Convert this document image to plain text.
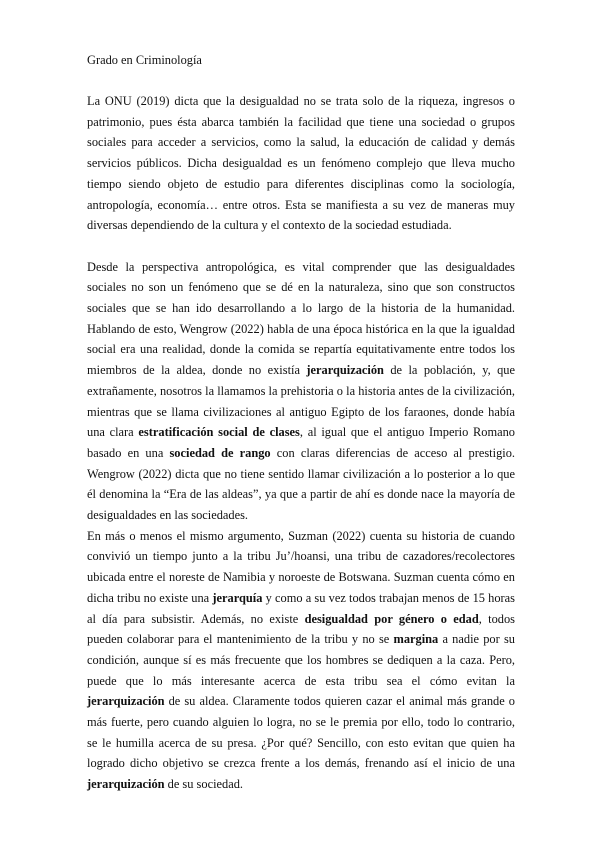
Grado en Criminología

La ONU (2019) dicta que la desigualdad no se trata solo de la riqueza, ingresos o patrimonio, pues ésta abarca también la facilidad que tiene una sociedad o grupos sociales para acceder a servicios, como la salud, la educación de calidad y demás servicios públicos. Dicha desigualdad es un fenómeno complejo que lleva mucho tiempo siendo objeto de estudio para diferentes disciplinas como la sociología, antropología, economía… entre otros. Esta se manifiesta a su vez de maneras muy diversas dependiendo de la cultura y el contexto de la sociedad estudiada.

Desde la perspectiva antropológica, es vital comprender que las desigualdades sociales no son un fenómeno que se dé en la naturaleza, sino que son constructos sociales que se han ido desarrollando a lo largo de la historia de la humanidad. Hablando de esto, Wengrow (2022) habla de una época histórica en la que la igualdad social era una realidad, donde la comida se repartía equitativamente entre todos los miembros de la aldea, donde no existía jerarquización de la población, y, que extrañamente, nosotros la llamamos la prehistoria o la historia antes de la civilización, mientras que se llama civilizaciones al antiguo Egipto de los faraones, donde había una clara estratificación social de clases, al igual que el antiguo Imperio Romano basado en una sociedad de rango con claras diferencias de acceso al prestigio. Wengrow (2022) dicta que no tiene sentido llamar civilización a lo posterior a lo que él denomina la “Era de las aldeas”, ya que a partir de ahí es donde nace la mayoría de desigualdades en las sociedades.

En más o menos el mismo argumento, Suzman (2022) cuenta su historia de cuando convivió un tiempo junto a la tribu Ju’/hoansi, una tribu de cazadores/recolectores ubicada entre el noreste de Namibia y noroeste de Botswana. Suzman cuenta cómo en dicha tribu no existe una jerarquía y como a su vez todos trabajan menos de 15 horas al día para subsistir. Además, no existe desigualdad por género o edad, todos pueden colaborar para el mantenimiento de la tribu y no se margina a nadie por su condición, aunque sí es más frecuente que los hombres se dediquen a la caza. Pero, puede que lo más interesante acerca de esta tribu sea el cómo evitan la jerarquización de su aldea. Claramente todos quieren cazar el animal más grande o más fuerte, pero cuando alguien lo logra, no se le premia por ello, todo lo contrario, se le humilla acerca de su presa. ¿Por qué? Sencillo, con esto evitan que quien ha logrado dicho objetivo se crezca frente a los demás, frenando así el inicio de una jerarquización de su sociedad.
